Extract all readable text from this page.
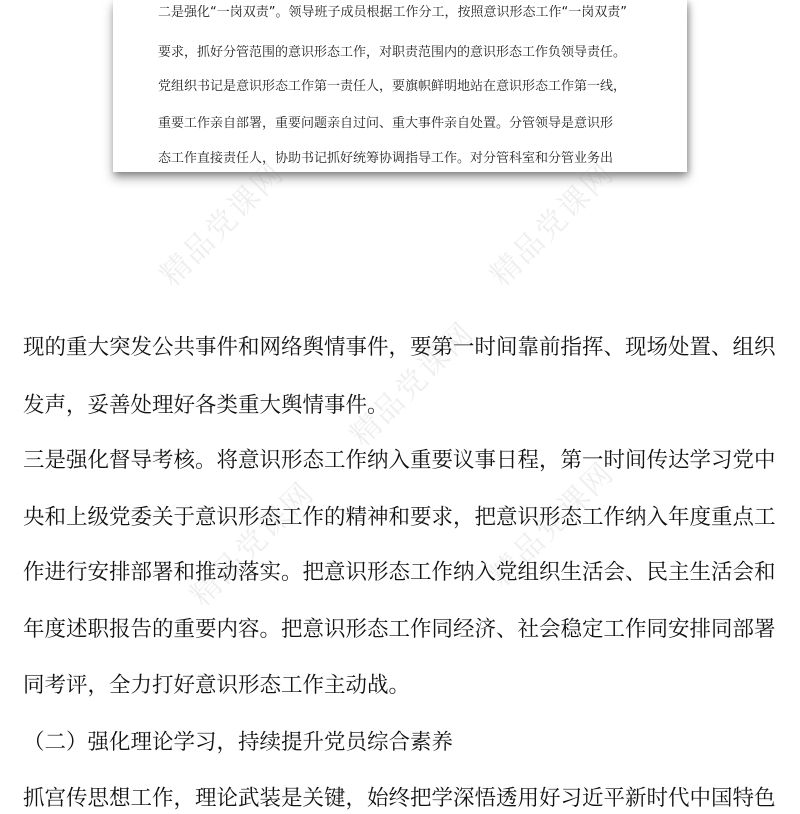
二是强化“一岗双责”。领导班子成员根据工作分工，按照意识形态工作“一岗双责”
要求，抓好分管范围的意识形态工作，对职责范围内的意识形态工作负领导责任。
党组织书记是意识形态工作第一责任人，要旗帜鲜明地站在意识形态工作第一线，
重要工作亲自部署，重要问题亲自过问、重大事件亲自处置。分管领导是意识形
态工作直接责任人，协助书记抓好统筹协调指导工作。对分管科室和分管业务出
精品党课网	精品党课网
精品党课网
精品党课网	精品党课网
现的重大突发公共事件和网络舆情事件，要第一时间靠前指挥、现场处置、组织
发声，妥善处理好各类重大舆情事件。
三是强化督导考核。将意识形态工作纳入重要议事日程，第一时间传达学习党中
央和上级党委关于意识形态工作的精神和要求，把意识形态工作纳入年度重点工
作进行安排部署和推动落实。把意识形态工作纳入党组织生活会、民主生活会和
年度述职报告的重要内容。把意识形态工作同经济、社会稳定工作同安排同部署
同考评，全力打好意识形态工作主动战。
（二）强化理论学习，持续提升党员综合素养
抓宫传思想工作，理论武装是关键，始终把学深悟透用好习近平新时代中国特色
